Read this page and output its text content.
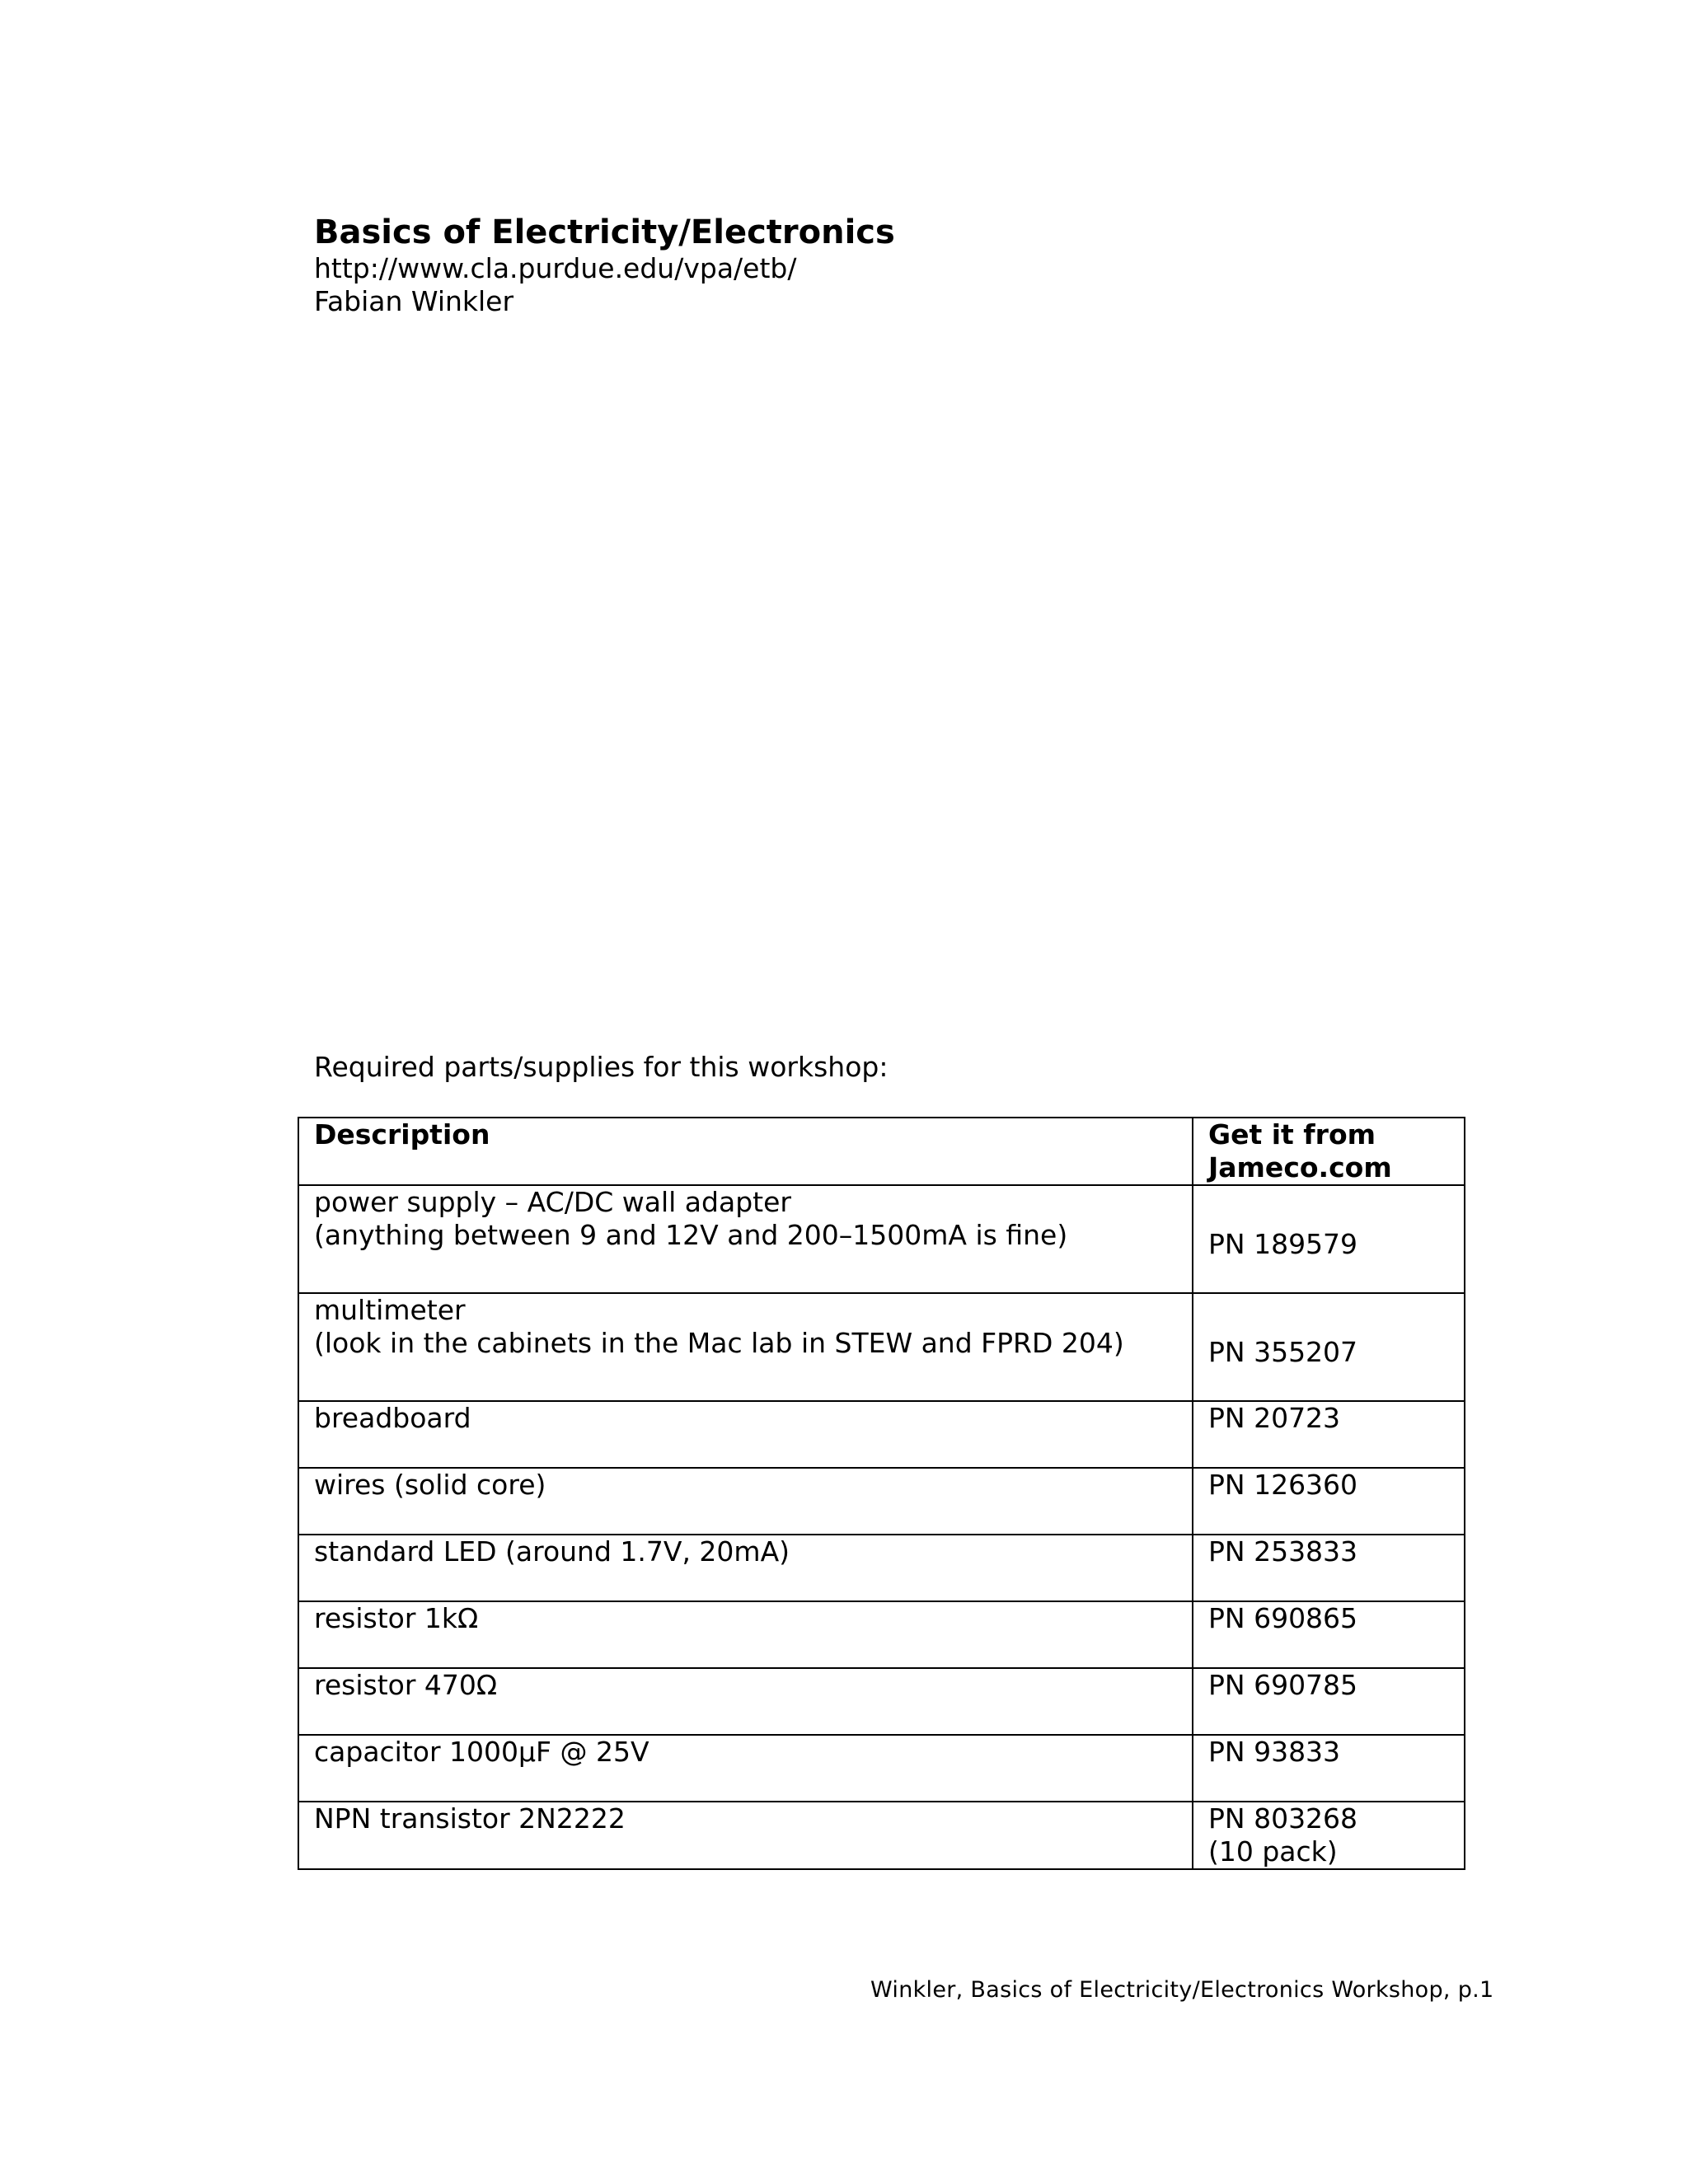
Basics of Electricity/Electronics

http://www.cla.purdue.edu/vpa/etb/

Fabian Winkler

Required parts/supplies for this workshop:

Description	Get it from Jameco.com

power supply – AC/DC wall adapter
(anything between 9 and 12V and 200–1500mA is fine)	PN 189579

multimeter
(look in the cabinets in the Mac lab in STEW and FPRD 204)	PN 355207
breadboard	PN 20723
wires (solid core)	PN 126360
standard LED (around 1.7V, 20mA)	PN 253833
resistor 1kΩ	PN 690865
resistor 470Ω	PN 690785
capacitor 1000µF @ 25V	PN 93833
NPN transistor 2N2222	PN 803268
(10 pack)
Winkler, Basics of Electricity/Electronics Workshop, p.1
